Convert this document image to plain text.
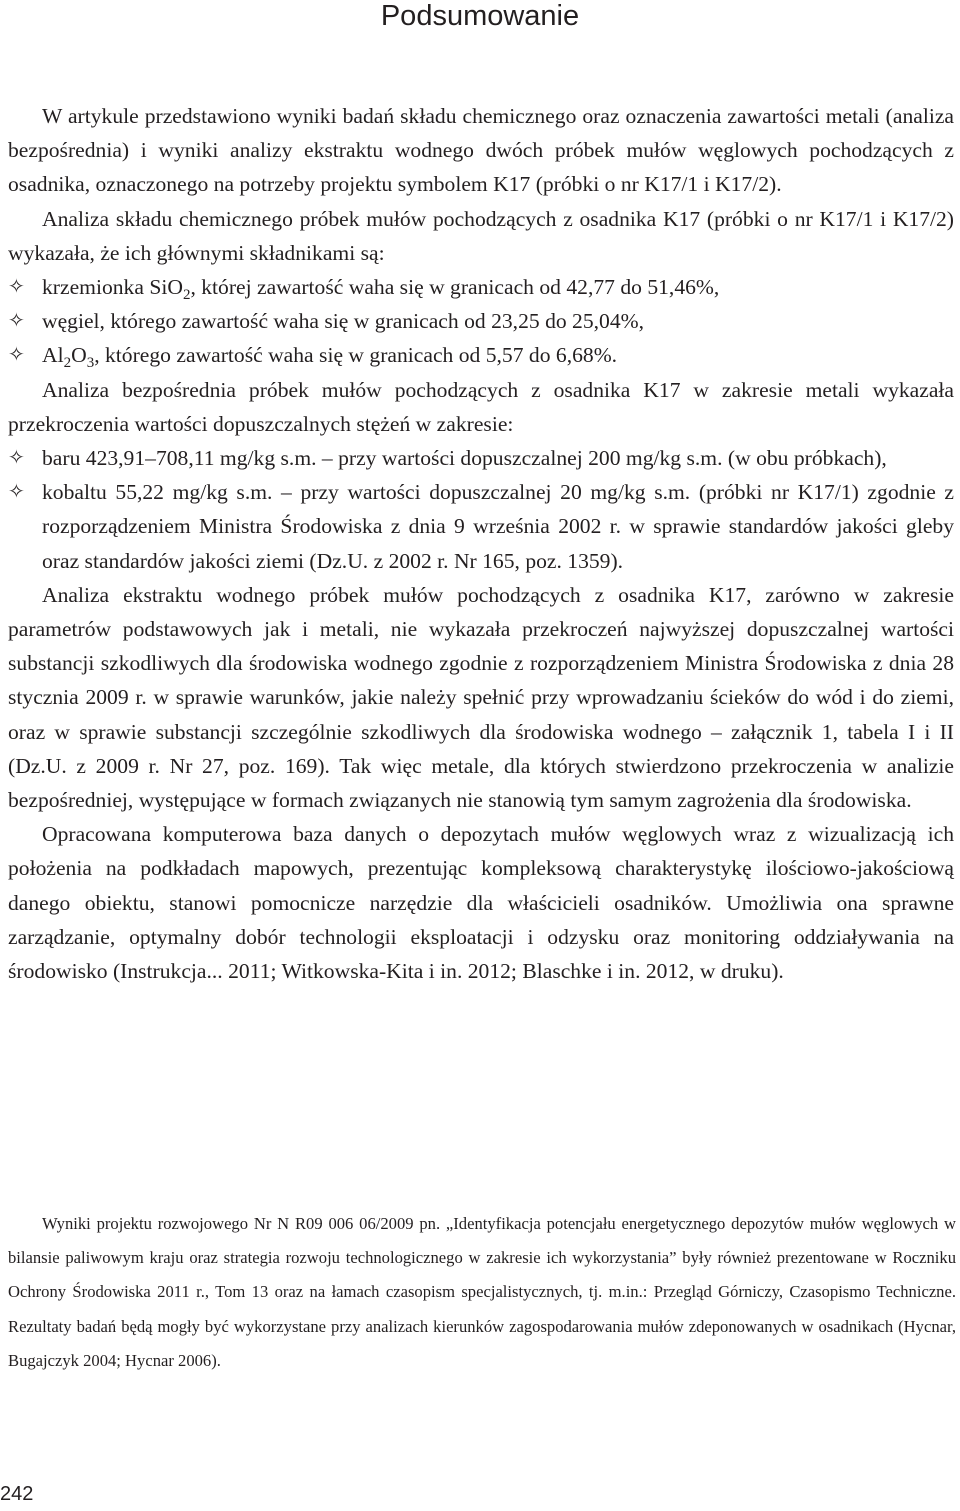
Podsumowanie

W artykule przedstawiono wyniki badań składu chemicznego oraz oznaczenia zawartości metali (analiza bezpośrednia) i wyniki analizy ekstraktu wodnego dwóch próbek mułów węglowych pochodzących z osadnika, oznaczonego na potrzeby projektu symbolem K17 (próbki o nr K17/1 i K17/2).

Analiza składu chemicznego próbek mułów pochodzących z osadnika K17 (próbki o nr K17/1 i K17/2) wykazała, że ich głównymi składnikami są:

✧ krzemionka SiO$_2$, której zawartość waha się w granicach od 42,77 do 51,46%,
✧ węgiel, którego zawartość waha się w granicach od 23,25 do 25,04%,
✧ $Al_2O_3$, którego zawartość waha się w granicach od 5,57 do 6,68%.

Analiza bezpośrednia próbek mułów pochodzących z osadnika K17 w zakresie metali wykazała przekroczenia wartości dopuszczalnych stężeń w zakresie:

✧ baru 423,91–708,11 mg/kg s.m. – przy wartości dopuszczalnej 200 mg/kg s.m. (w obu próbkach),
✧ kobaltu 55,22 mg/kg s.m. – przy wartości dopuszczalnej 20 mg/kg s.m. (próbki nr K17/1) zgodnie z rozporządzeniem Ministra Środowiska z dnia 9 września 2002 r. w sprawie standardów jakości gleby oraz standardów jakości ziemi (Dz.U. z 2002 r. Nr 165, poz. 1359).

Analiza ekstraktu wodnego próbek mułów pochodzących z osadnika K17, zarówno w zakresie parametrów podstawowych jak i metali, nie wykazała przekroczeń najwyższej dopuszczalnej wartości substancji szkodliwych dla środowiska wodnego zgodnie z rozporządzeniem Ministra Środowiska z dnia 28 stycznia 2009 r. w sprawie warunków, jakie należy spełnić przy wprowadzaniu ścieków do wód i do ziemi, oraz w sprawie substancji szczególnie szkodliwych dla środowiska wodnego – załącznik 1, tabela I i II (Dz.U. z 2009 r. Nr 27, poz. 169). Tak więc metale, dla których stwierdzono przekroczenia w analizie bezpośredniej, występujące w formach związanych nie stanowią tym samym zagrożenia dla środowiska.

Opracowana komputerowa baza danych o depozytach mułów węglowych wraz z wizualizacją ich położenia na podkładach mapowych, prezentując kompleksową charakterystykę ilościowo-jakościową danego obiektu, stanowi pomocnicze narzędzie dla właścicieli osadników. Umożliwia ona sprawne zarządzanie, optymalny dobór technologii eksploatacji i odzysku oraz monitoring oddziaływania na środowisko (Instrukcja... 2011; Witkowska-Kita i in. 2012; Blaschke i in. 2012, w druku).

Wyniki projektu rozwojowego Nr N R09 006 06/2009 pn. „Identyfikacja potencjału energetycznego depozytów mułów węglowych w bilansie paliwowym kraju oraz strategia rozwoju technologicznego w zakresie ich wykorzystania” były również prezentowane w Roczniku Ochrony Środowiska 2011 r., Tom 13 oraz na łamach czasopism specjalistycznych, tj. m.in.: Przegląd Górniczy, Czasopismo Techniczne. Rezultaty badań będą mogły być wykorzystane przy analizach kierunków zagospodarowania mułów zdeponowanych w osadnikach (Hycnar, Bugajczyk 2004; Hycnar 2006).

242
